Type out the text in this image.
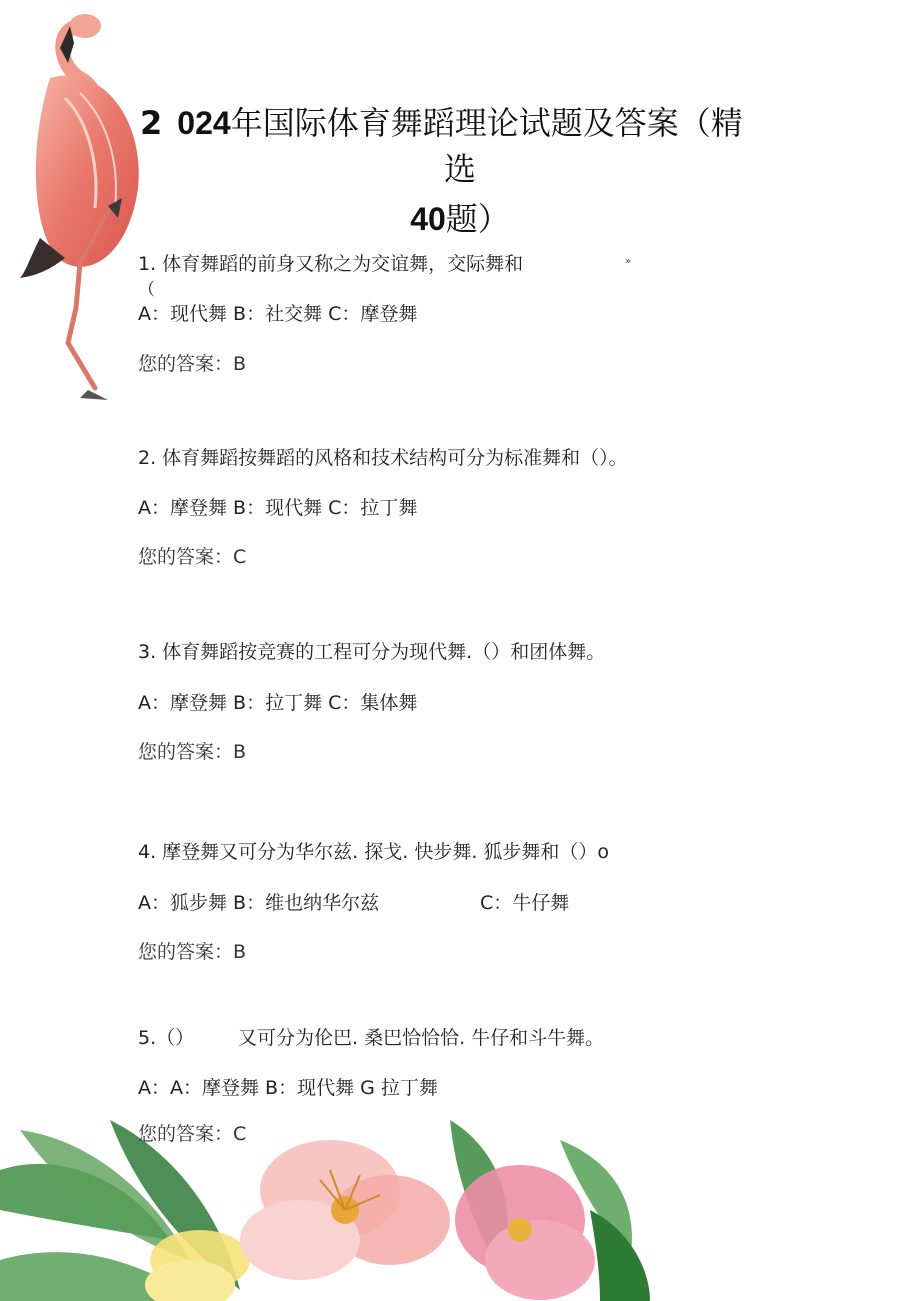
2 024年国际体育舞蹈理论试题及答案（精
选
40题）
1. 体育舞蹈的前身又称之为交谊舞，交际舞和	»
（
A：现代舞 B：社交舞 C：摩登舞
您的答案：B
2. 体育舞蹈按舞蹈的风格和技术结构可分为标准舞和（）。
A：摩登舞 B：现代舞 C：拉丁舞
您的答案：C
3. 体育舞蹈按竞赛的工程可分为现代舞.（）和团体舞。
A：摩登舞 B：拉丁舞 C：集体舞
您的答案：B
4. 摩登舞又可分为华尔兹. 探戈. 快步舞. 狐步舞和（）o
A：狐步舞 B：维也纳华尔兹	C：牛仔舞
您的答案：B
5.（） 又可分为伦巴. 桑巴恰恰恰. 牛仔和斗牛舞。
A：A：摩登舞 B：现代舞 G 拉丁舞
您的答案：C
